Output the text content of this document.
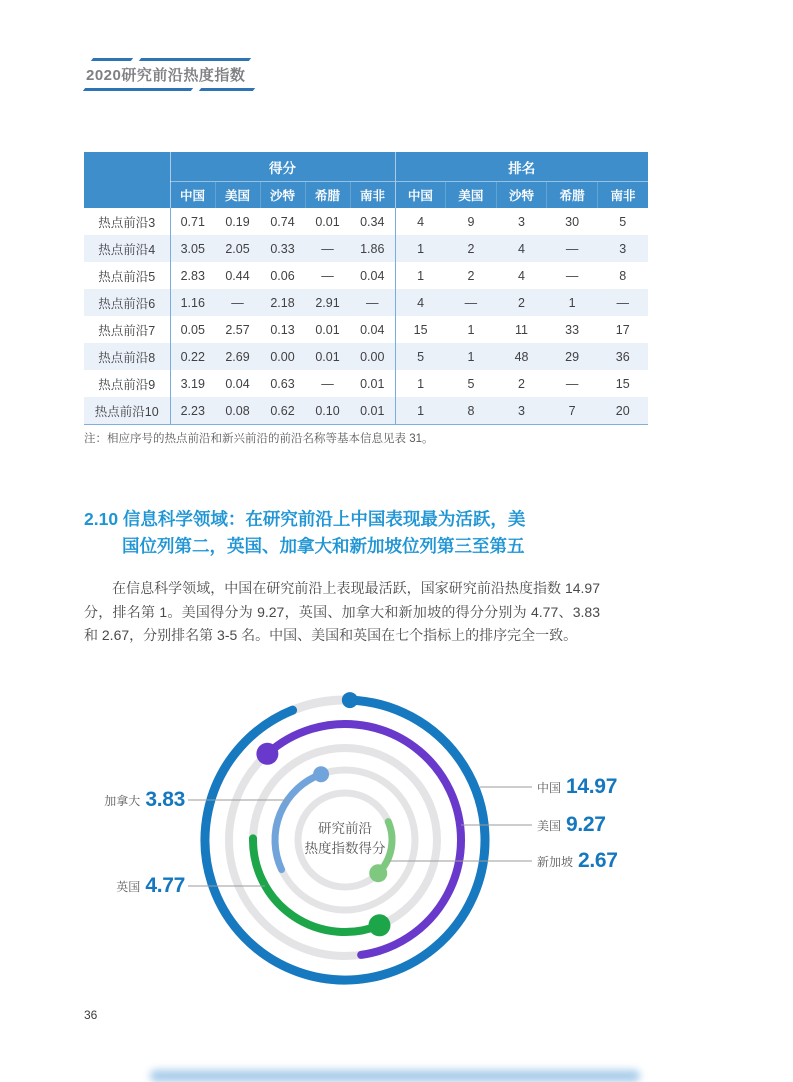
2020研究前沿热度指数
	得分					排名				
	中国	美国	沙特	希腊	南非	中国	美国	沙特	希腊	南非
热点前沿3	0.71	0.19	0.74	0.01	0.34	4	9	3	30	5
热点前沿4	3.05	2.05	0.33	—	1.86	1	2	4	—	3
热点前沿5	2.83	0.44	0.06	—	0.04	1	2	4	—	8
热点前沿6	1.16	—	2.18	2.91	—	4	—	2	1	—
热点前沿7	0.05	2.57	0.13	0.01	0.04	15	1	11	33	17
热点前沿8	0.22	2.69	0.00	0.01	0.00	5	1	48	29	36
热点前沿9	3.19	0.04	0.63	—	0.01	1	5	2	—	15
热点前沿10	2.23	0.08	0.62	0.10	0.01	1	8	3	7	20
注：相应序号的热点前沿和新兴前沿的前沿名称等基本信息见表 31。
2.10 信息科学领域：在研究前沿上中国表现最为活跃，美
国位列第二，英国、加拿大和新加坡位列第三至第五
在信息科学领域，中国在研究前沿上表现最活跃，国家研究前沿热度指数 14.97 分，排名第 1。美国得分为 9.27，英国、加拿大和新加坡的得分分别为 4.77、3.83 和 2.67，分别排名第 3-5 名。中国、美国和英国在七个指标上的排序完全一致。
研究前沿
热度指数得分
中国 14.97
美国 9.27
新加坡 2.67
加拿大 3.83
英国 4.77
36
